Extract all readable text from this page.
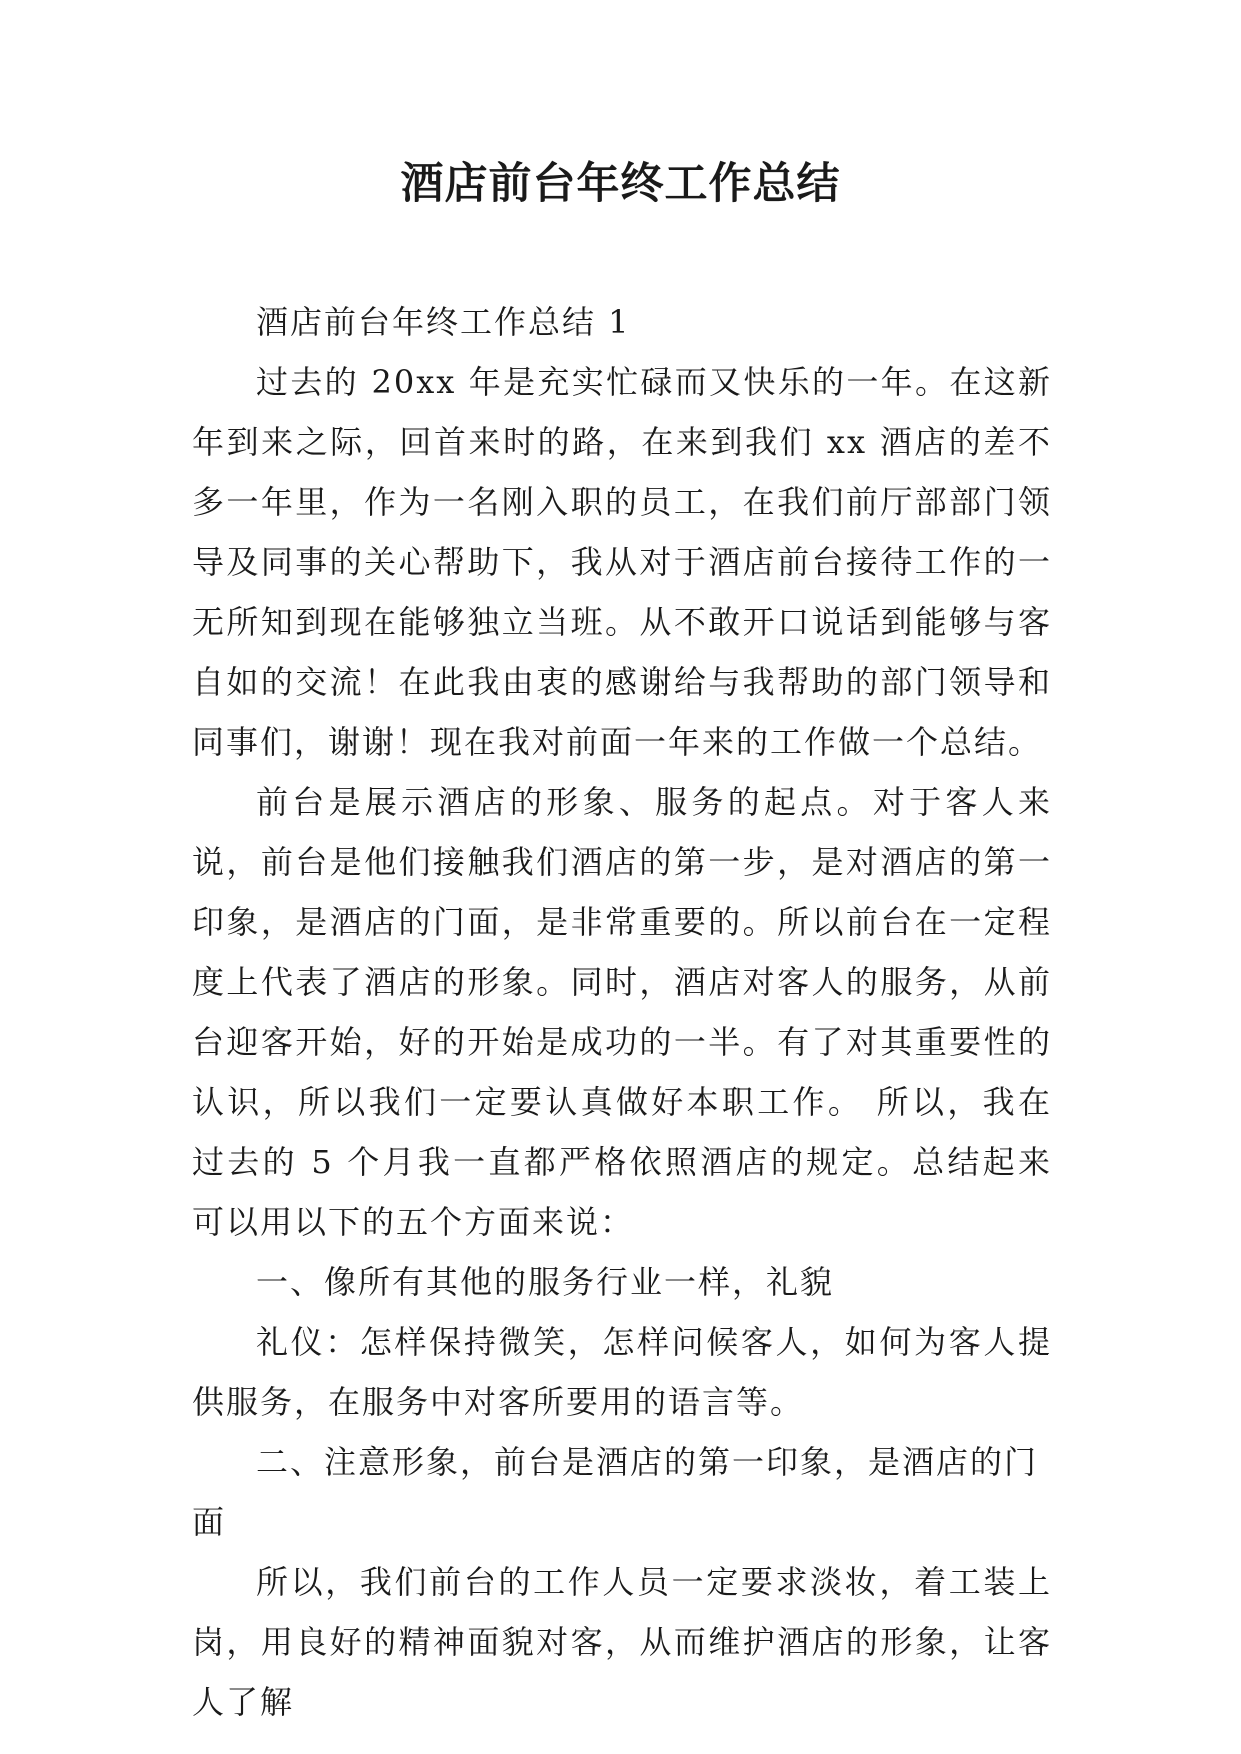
酒店前台年终工作总结

酒店前台年终工作总结 1

过去的 20xx 年是充实忙碌而又快乐的一年。在这新年到来之际，回首来时的路，在来到我们 xx 酒店的差不多一年里，作为一名刚入职的员工，在我们前厅部部门领导及同事的关心帮助下，我从对于酒店前台接待工作的一无所知到现在能够独立当班。从不敢开口说话到能够与客自如的交流！在此我由衷的感谢给与我帮助的部门领导和同事们，谢谢！现在我对前面一年来的工作做一个总结。

前台是展示酒店的形象、服务的起点。对于客人来说，前台是他们接触我们酒店的第一步，是对酒店的第一印象，是酒店的门面，是非常重要的。所以前台在一定程度上代表了酒店的形象。同时，酒店对客人的服务，从前台迎客开始，好的开始是成功的一半。有了对其重要性的认识，所以我们一定要认真做好本职工作。 所以，我在过去的 5 个月我一直都严格依照酒店的规定。总结起来可以用以下的五个方面来说：

一、像所有其他的服务行业一样，礼貌

礼仪：怎样保持微笑，怎样问候客人，如何为客人提供服务，在服务中对客所要用的语言等。

二、注意形象，前台是酒店的第一印象，是酒店的门面

所以，我们前台的工作人员一定要求淡妆，着工装上岗，用良好的精神面貌对客，从而维护酒店的形象，让客人了解
